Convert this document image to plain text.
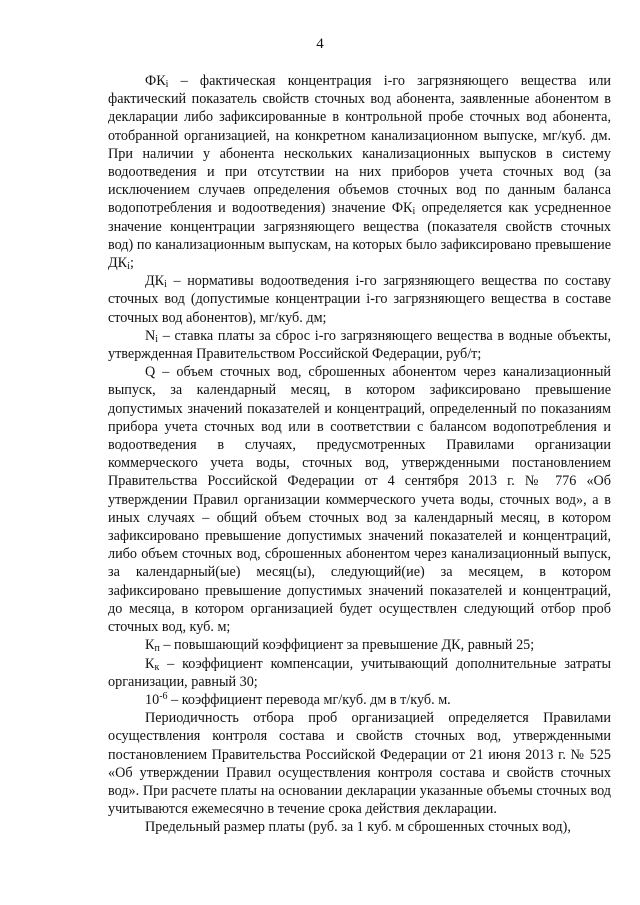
4

$ФК_i$ – фактическая концентрация i-го загрязняющего вещества или фактический показатель свойств сточных вод абонента, заявленные абонентом в декларации либо зафиксированные в контрольной пробе сточных вод абонента, отобранной организацией, на конкретном канализационном выпуске, мг/куб. дм. При наличии у абонента нескольких канализационных выпусков в систему водоотведения и при отсутствии на них приборов учета сточных вод (за исключением случаев определения объемов сточных вод по данным баланса водопотребления и водоотведения) значение $ФК_i$ определяется как усредненное значение концентрации загрязняющего вещества (показателя свойств сточных вод) по канализационным выпускам, на которых было зафиксировано превышение $ДК_i$;

$ДК_i$ – нормативы водоотведения i-го загрязняющего вещества по составу сточных вод (допустимые концентрации i-го загрязняющего вещества в составе сточных вод абонентов), мг/куб. дм;

$N_i$ – ставка платы за сброс i-го загрязняющего вещества в водные объекты, утвержденная Правительством Российской Федерации, руб/т;

Q – объем сточных вод, сброшенных абонентом через канализационный выпуск, за календарный месяц, в котором зафиксировано превышение допустимых значений показателей и концентраций, определенный по показаниям прибора учета сточных вод или в соответствии с балансом водопотребления и водоотведения в случаях, предусмотренных Правилами организации коммерческого учета воды, сточных вод, утвержденными постановлением Правительства Российской Федерации от 4 сентября 2013 г. № 776 «Об утверждении Правил организации коммерческого учета воды, сточных вод», а в иных случаях – общий объем сточных вод за календарный месяц, в котором зафиксировано превышение допустимых значений показателей и концентраций, либо объем сточных вод, сброшенных абонентом через канализационный выпуск, за календарный(ые) месяц(ы), следующий(ие) за месяцем, в котором зафиксировано превышение допустимых значений показателей и концентраций, до месяца, в котором организацией будет осуществлен следующий отбор проб сточных вод, куб. м;

$К_п$ – повышающий коэффициент за превышение ДК, равный 25;

$К_к$ – коэффициент компенсации, учитывающий дополнительные затраты организации, равный 30;

$10^{-6}$ – коэффициент перевода мг/куб. дм в т/куб. м.

Периодичность отбора проб организацией определяется Правилами осуществления контроля состава и свойств сточных вод, утвержденными постановлением Правительства Российской Федерации от 21 июня 2013 г. № 525 «Об утверждении Правил осуществления контроля состава и свойств сточных вод». При расчете платы на основании декларации указанные объемы сточных вод учитываются ежемесячно в течение срока действия декларации.

Предельный размер платы (руб. за 1 куб. м сброшенных сточных вод),
